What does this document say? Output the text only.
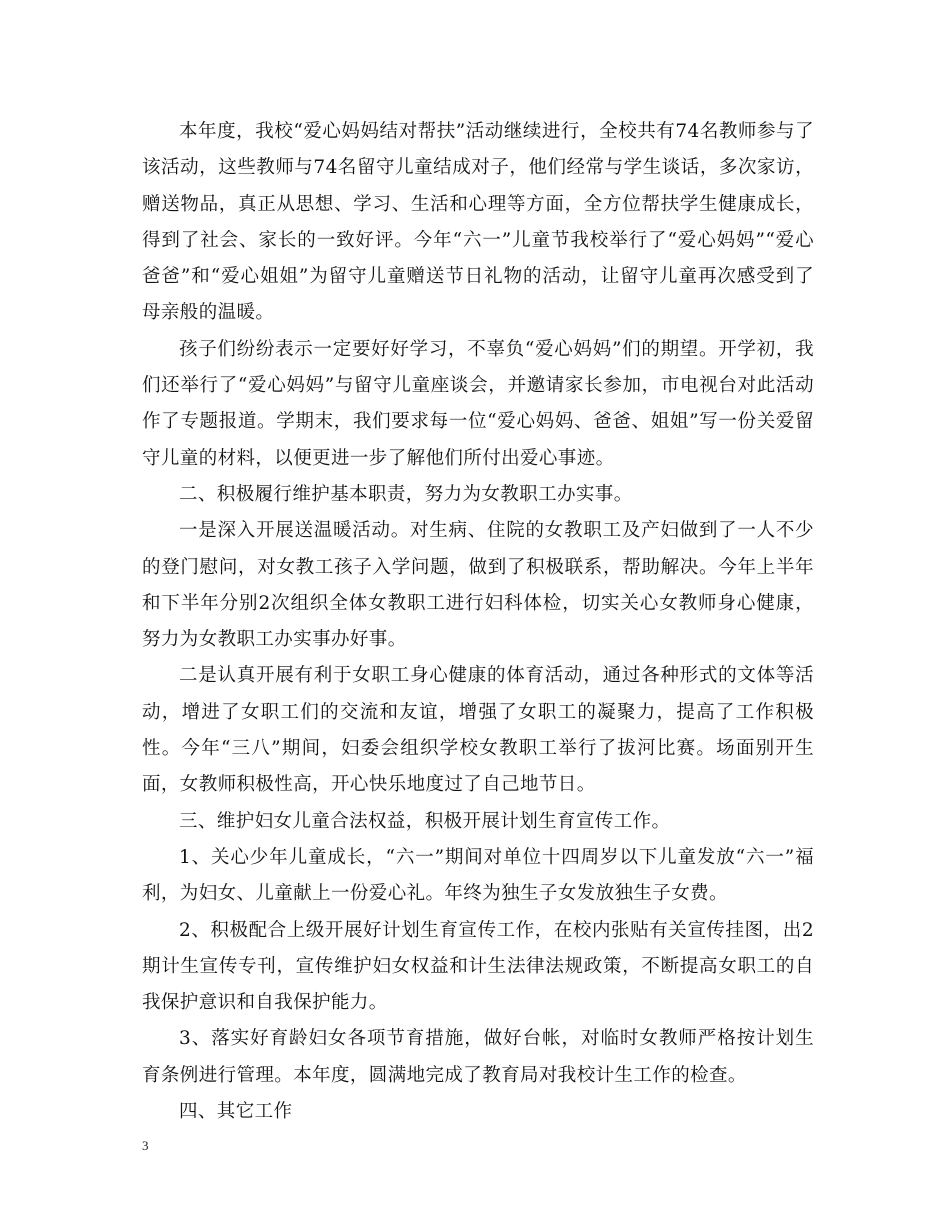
本年度，我校“爱心妈妈结对帮扶”活动继续进行，全校共有74名教师参与了该活动，这些教师与74名留守儿童结成对子，他们经常与学生谈话，多次家访，赠送物品，真正从思想、学习、生活和心理等方面，全方位帮扶学生健康成长，得到了社会、家长的一致好评。今年“六一”儿童节我校举行了“爱心妈妈”“爱心爸爸”和“爱心姐姐”为留守儿童赠送节日礼物的活动，让留守儿童再次感受到了母亲般的温暖。

孩子们纷纷表示一定要好好学习，不辜负“爱心妈妈”们的期望。开学初，我们还举行了“爱心妈妈”与留守儿童座谈会，并邀请家长参加，市电视台对此活动作了专题报道。学期末，我们要求每一位“爱心妈妈、爸爸、姐姐”写一份关爱留守儿童的材料，以便更进一步了解他们所付出爱心事迹。

二、积极履行维护基本职责，努力为女教职工办实事。

一是深入开展送温暖活动。对生病、住院的女教职工及产妇做到了一人不少的登门慰问，对女教工孩子入学问题，做到了积极联系，帮助解决。今年上半年和下半年分别2次组织全体女教职工进行妇科体检，切实关心女教师身心健康，努力为女教职工办实事办好事。

二是认真开展有利于女职工身心健康的体育活动，通过各种形式的文体等活动，增进了女职工们的交流和友谊，增强了女职工的凝聚力，提高了工作积极性。今年“三八”期间，妇委会组织学校女教职工举行了拔河比赛。场面别开生面，女教师积极性高，开心快乐地度过了自己地节日。

三、维护妇女儿童合法权益，积极开展计划生育宣传工作。

1、关心少年儿童成长，“六一”期间对单位十四周岁以下儿童发放“六一”福利，为妇女、儿童献上一份爱心礼。年终为独生子女发放独生子女费。

2、积极配合上级开展好计划生育宣传工作，在校内张贴有关宣传挂图，出2期计生宣传专刊，宣传维护妇女权益和计生法律法规政策，不断提高女职工的自我保护意识和自我保护能力。

3、落实好育龄妇女各项节育措施，做好台帐，对临时女教师严格按计划生育条例进行管理。本年度，圆满地完成了教育局对我校计生工作的检查。

四、其它工作

3
